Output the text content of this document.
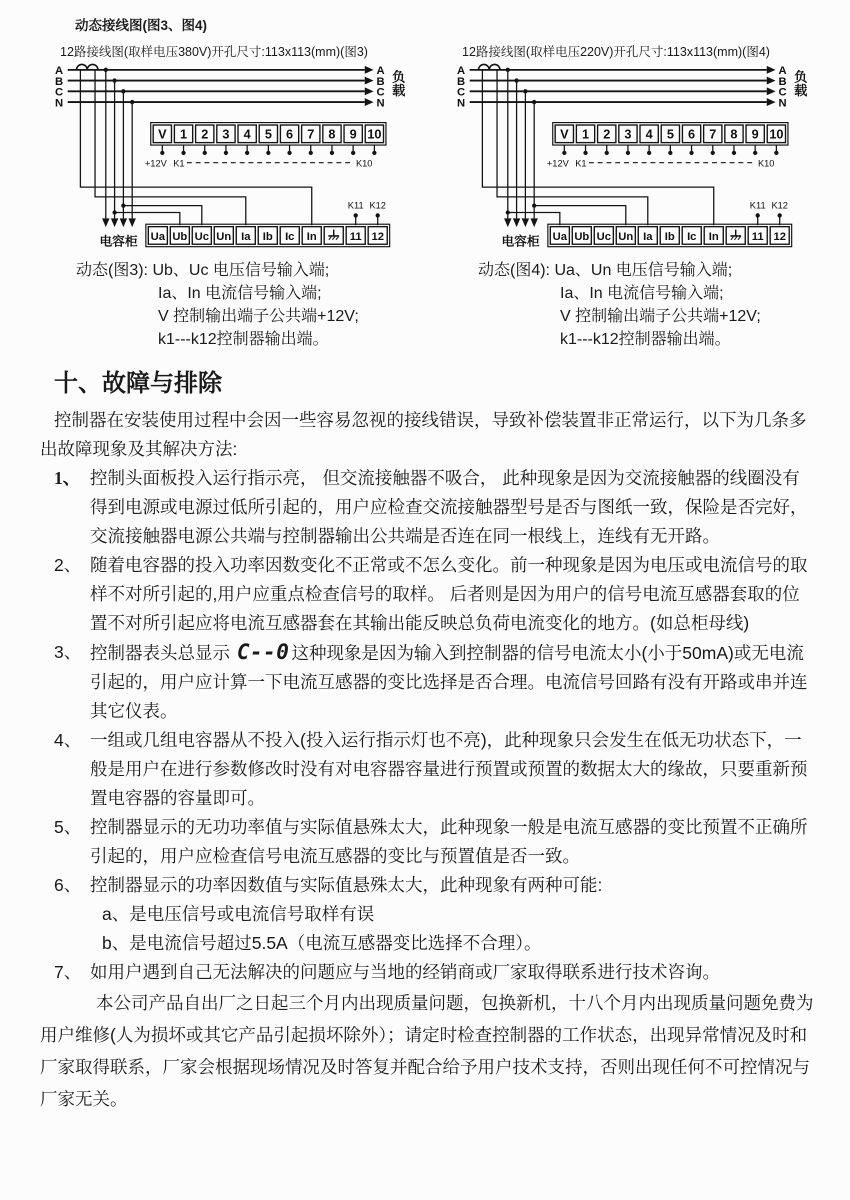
动态接线图(图3、图4)
12路接线图(取样电压380V)开孔尺寸:113x113(mm)(图3)
A	A
B	B
C	C
N	N
负
载
V 1 2 3 4 5 6 7 8 9 10
+12V K1	K10
K11 K12
Ua Ub Uc Un Ia Ib Ic In	11 12
电容柜
动态(图3): Ub、Uc 电压信号输入端;
Ia、In 电流信号输入端;
V 控制输出端子公共端+12V;
k1---k12控制器输出端。
12路接线图(取样电压220V)开孔尺寸:113x113(mm)(图4)
A	A
B	B
C	C
N	N
负
载
V 1 2 3 4 5 6 7 8 9 10
+12V K1	K10
K11 K12
Ua Ub Uc Un Ia Ib Ic In	11 12
电容柜
动态(图4): Ua、Un 电压信号输入端;
Ia、In 电流信号输入端;
V 控制输出端子公共端+12V;
k1---k12控制器输出端。
十、故障与排除

控制器在安装使用过程中会因一些容易忽视的接线错误，导致补偿装置非正常运行，以下为几条多出故障现象及其解决方法:

1、 控制头面板投入运行指示亮， 但交流接触器不吸合， 此种现象是因为交流接触器的线圈没有得到电源或电源过低所引起的，用户应检查交流接触器型号是否与图纸一致，保险是否完好，交流接触器电源公共端与控制器输出公共端是否连在同一根线上，连线有无开路。
2、 随着电容器的投入功率因数变化不正常或不怎么变化。前一种现象是因为电压或电流信号的取样不对所引起的,用户应重点检查信号的取样。 后者则是因为用户的信号电流互感器套取的位置不对所引起应将电流互感器套在其输出能反映总负荷电流变化的地方。(如总柜母线)
3、 控制器表头总显示 C--0 这种现象是因为输入到控制器的信号电流太小(小于50mA)或无电流引起的，用户应计算一下电流互感器的变比选择是否合理。电流信号回路有没有开路或串并连其它仪表。
4、 一组或几组电容器从不投入(投入运行指示灯也不亮)，此种现象只会发生在低无功状态下，一般是用户在进行参数修改时没有对电容器容量进行预置或预置的数据太大的缘故，只要重新预置电容器的容量即可。
5、 控制器显示的无功功率值与实际值悬殊太大，此种现象一般是电流互感器的变比预置不正确所引起的，用户应检查信号电流互感器的变比与预置值是否一致。
6、 控制器显示的功率因数值与实际值悬殊太大，此种现象有两种可能:
a、是电压信号或电流信号取样有误
b、是电流信号超过5.5A（电流互感器变比选择不合理）。
7、 如用户遇到自己无法解决的问题应与当地的经销商或厂家取得联系进行技术咨询。

本公司产品自出厂之日起三个月内出现质量问题，包换新机，十八个月内出现质量问题免费为用户维修(人为损坏或其它产品引起损坏除外）；请定时检查控制器的工作状态，出现异常情况及时和厂家取得联系，厂家会根据现场情况及时答复并配合给予用户技术支持，否则出现任何不可控情况与厂家无关。
